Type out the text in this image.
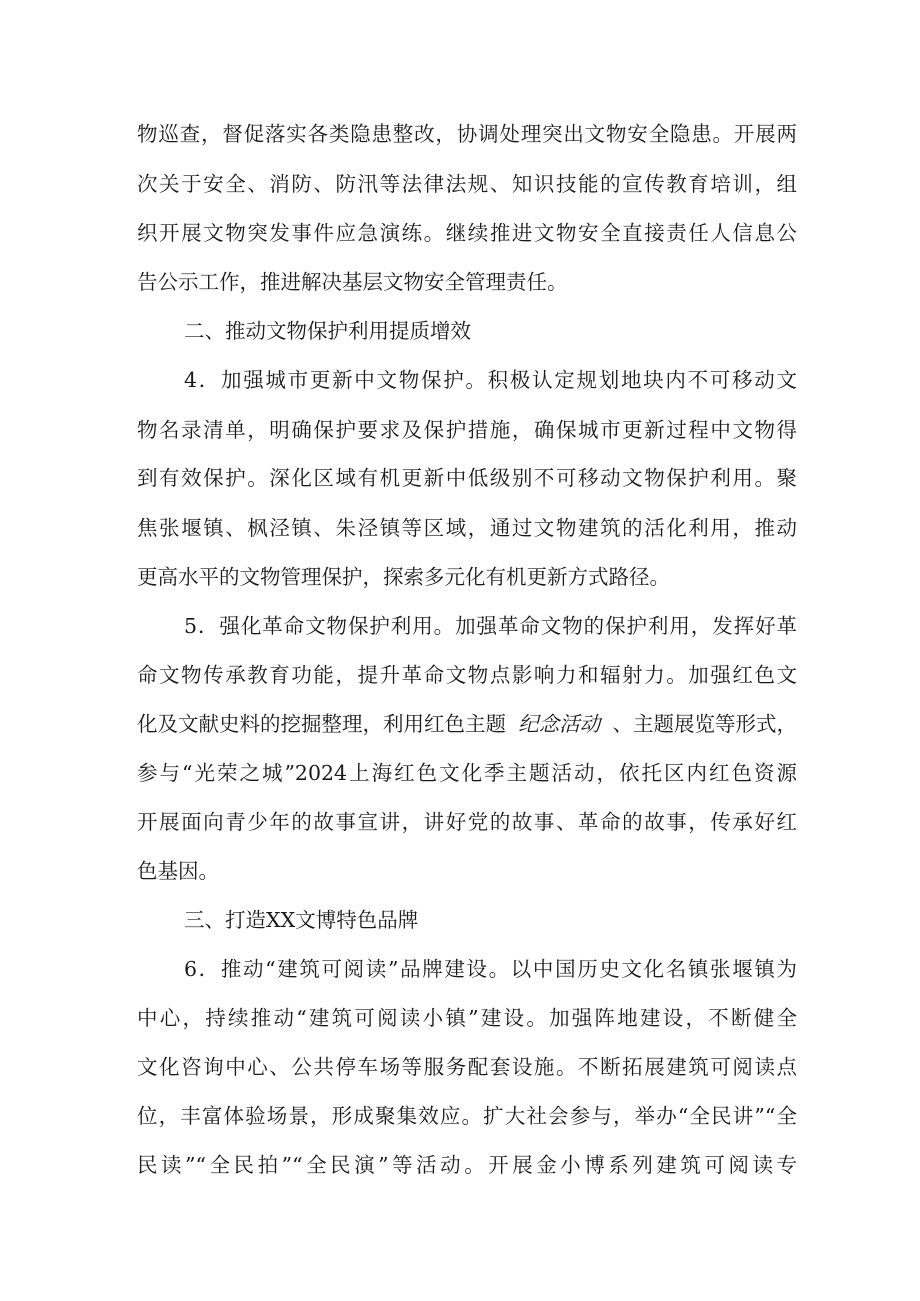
物巡查，督促落实各类隐患整改，协调处理突出文物安全隐患。开展两
次关于安全、消防、防汛等法律法规、知识技能的宣传教育培训，组
织开展文物突发事件应急演练。继续推进文物安全直接责任人信息公
告公示工作，推进解决基层文物安全管理责任。
二、推动文物保护利用提质增效
4．加强城市更新中文物保护。积极认定规划地块内不可移动文
物名录清单，明确保护要求及保护措施，确保城市更新过程中文物得
到有效保护。深化区域有机更新中低级别不可移动文物保护利用。聚
焦张堰镇、枫泾镇、朱泾镇等区域，通过文物建筑的活化利用，推动
更高水平的文物管理保护，探索多元化有机更新方式路径。
5．强化革命文物保护利用。加强革命文物的保护利用，发挥好革
命文物传承教育功能，提升革命文物点影响力和辐射力。加强红色文
化及文献史料的挖掘整理，利用红色主题 纪念活动 、主题展览等形式，
参与“光荣之城”2024上海红色文化季主题活动，依托区内红色资源
开展面向青少年的故事宣讲，讲好党的故事、革命的故事，传承好红
色基因。
三、打造XX文博特色品牌
6．推动“建筑可阅读”品牌建设。以中国历史文化名镇张堰镇为
中心，持续推动“建筑可阅读小镇”建设。加强阵地建设，不断健全
文化咨询中心、公共停车场等服务配套设施。不断拓展建筑可阅读点
位，丰富体验场景，形成聚集效应。扩大社会参与，举办“全民讲”“全
民读”“全民拍”“全民演”等活动。开展金小博系列建筑可阅读专
